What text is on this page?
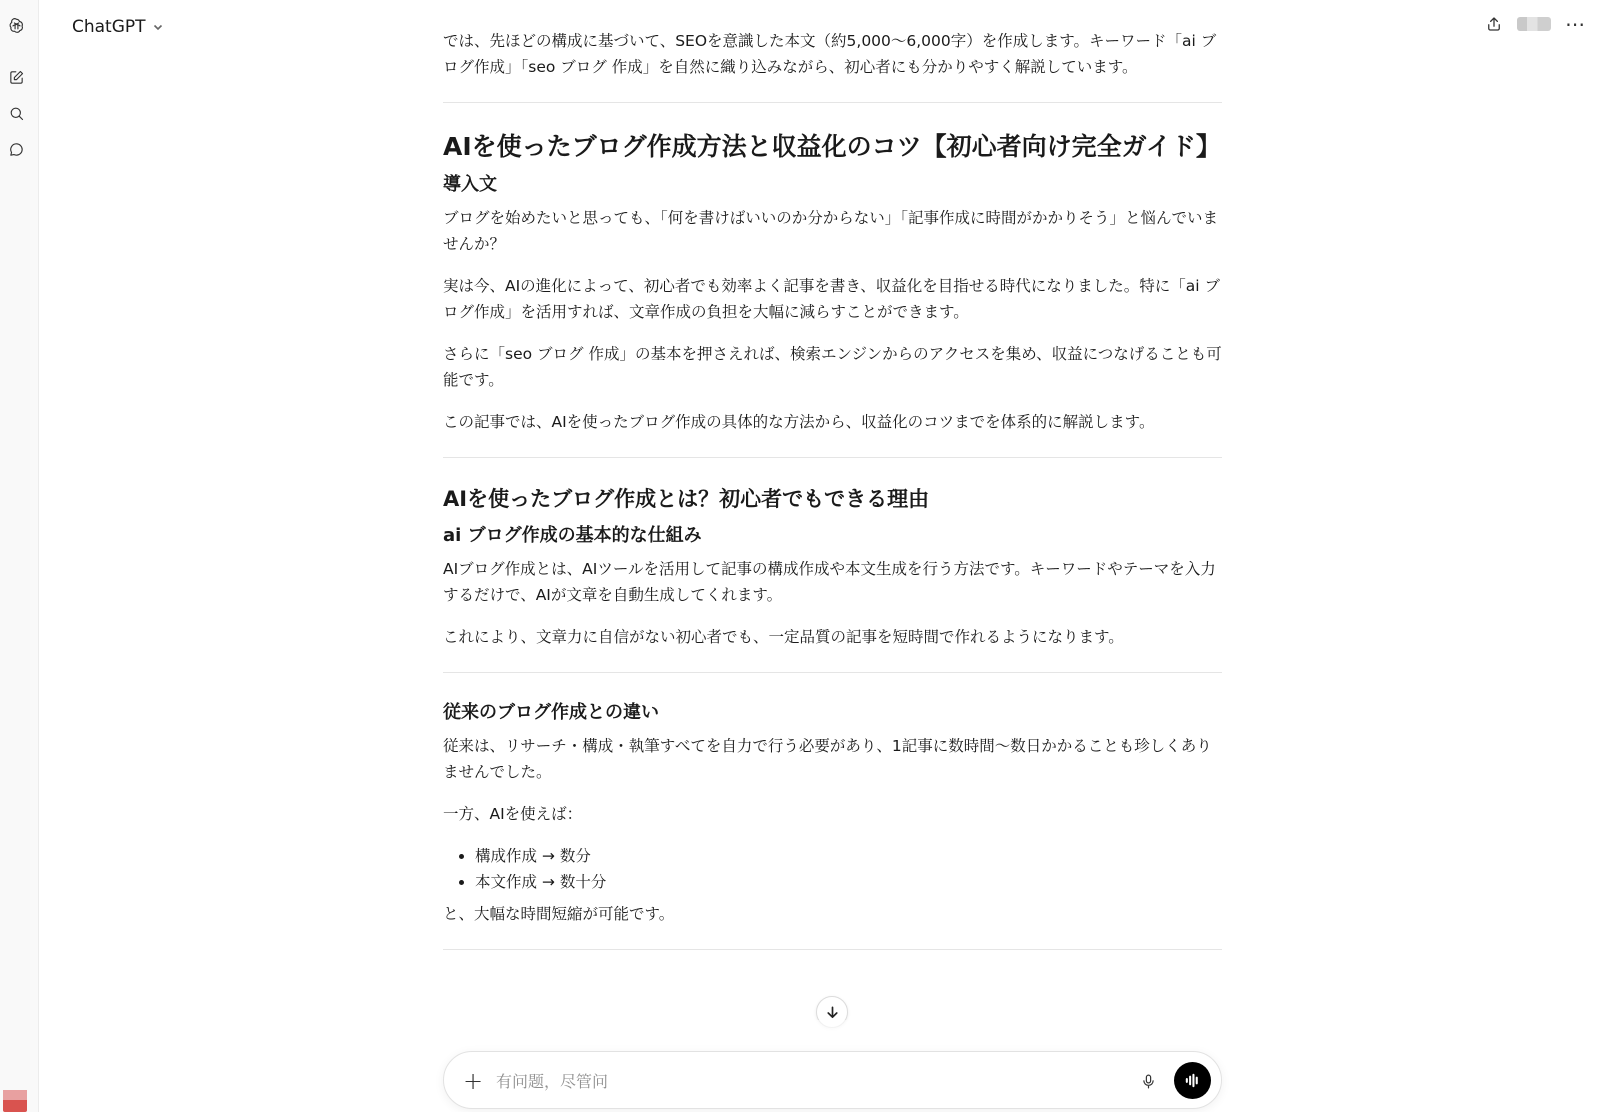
ChatGPT	⋯

では、先ほどの構成に基づいて、SEOを意識した本文（約5,000〜6,000字）を作成します。キーワード「ai ブログ作成」「seo ブログ 作成」を自然に織り込みながら、初心者にも分かりやすく解説しています。

AIを使ったブログ作成方法と収益化のコツ【初心者向け完全ガイド】
導入文

ブログを始めたいと思っても、「何を書けばいいのか分からない」「記事作成に時間がかかりそう」と悩んでいませんか？

実は今、AIの進化によって、初心者でも効率よく記事を書き、収益化を目指せる時代になりました。特に「ai ブログ作成」を活用すれば、文章作成の負担を大幅に減らすことができます。

さらに「seo ブログ 作成」の基本を押さえれば、検索エンジンからのアクセスを集め、収益につなげることも可能です。

この記事では、AIを使ったブログ作成の具体的な方法から、収益化のコツまでを体系的に解説します。

AIを使ったブログ作成とは？初心者でもできる理由
ai ブログ作成の基本的な仕組み

AIブログ作成とは、AIツールを活用して記事の構成作成や本文生成を行う方法です。キーワードやテーマを入力するだけで、AIが文章を自動生成してくれます。

これにより、文章力に自信がない初心者でも、一定品質の記事を短時間で作れるようになります。

従来のブログ作成との違い

従来は、リサーチ・構成・執筆すべてを自力で行う必要があり、1記事に数時間〜数日かかることも珍しくありませんでした。

一方、AIを使えば：

• 構成作成 → 数分
• 本文作成 → 数十分

と、大幅な時間短縮が可能です。

+ 有问题，尽管问
